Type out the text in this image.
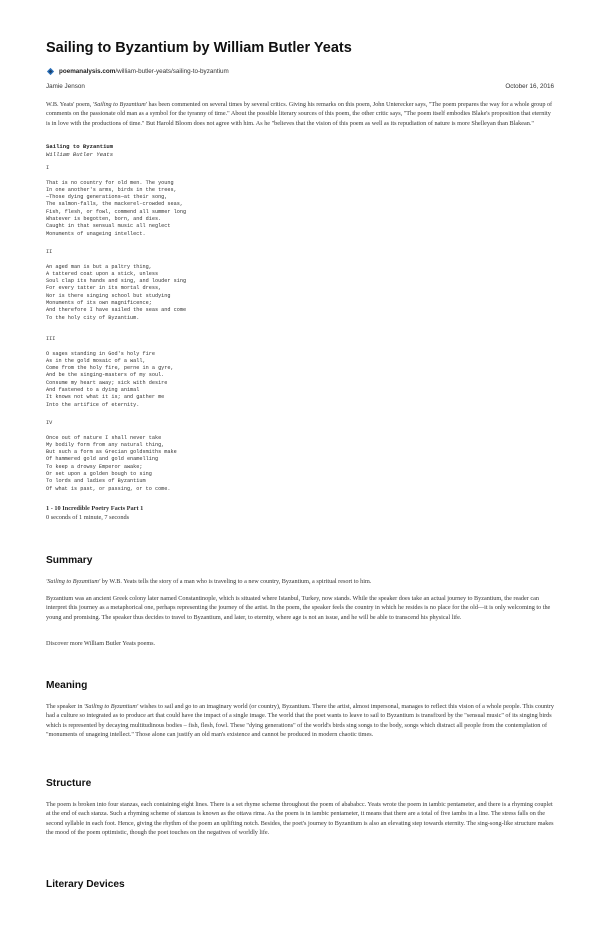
Sailing to Byzantium by William Butler Yeats
poemanalysis.com /william-butler-yeats/sailing-to-byzantium
Jamie Jenson	October 16, 2016

W.B. Yeats' poem, 'Sailing to Byzantium' has been commented on several times by several critics. Giving his remarks on this poem, John Unterecker says, "The poem prepares the way for a whole group of comments on the passionate old man as a symbol for the tyranny of time." About the possible literary sources of this poem, the other critic says, "The poem itself embodies Blake's proposition that eternity is in love with the productions of time." But Harold Bloom does not agree with him. As he "believes that the vision of this poem as well as its repudiation of nature is more Shelleyan than Blakean."

Sailing to Byzantium
William Butler Yeats
I
That is no country for old men. The young
In one another's arms, birds in the trees,
—Those dying generations—at their song,
The salmon-falls, the mackerel-crowded seas,
Fish, flesh, or fowl, commend all summer long
Whatever is begotten, born, and dies.
Caught in that sensual music all neglect
Monuments of unageing intellect.
II
An aged man is but a paltry thing,
A tattered coat upon a stick, unless
Soul clap its hands and sing, and louder sing
For every tatter in its mortal dress,
Nor is there singing school but studying
Monuments of its own magnificence;
And therefore I have sailed the seas and come
To the holy city of Byzantium.
III
O sages standing in God's holy fire
As in the gold mosaic of a wall,
Come from the holy fire, perne in a gyre,
And be the singing-masters of my soul.
Consume my heart away; sick with desire
And fastened to a dying animal
It knows not what it is; and gather me
Into the artifice of eternity.
IV
Once out of nature I shall never take
My bodily form from any natural thing,
But such a form as Grecian goldsmiths make
Of hammered gold and gold enamelling
To keep a drowsy Emperor awake;
Or set upon a golden bough to sing
To lords and ladies of Byzantium
Of what is past, or passing, or to come.
1 - 10 Incredible Poetry Facts Part 1
0 seconds of 1 minute, 7 seconds
Summary

'Sailing to Byzantium' by W.B. Yeats tells the story of a man who is traveling to a new country, Byzantium, a spiritual resort to him.

Byzantium was an ancient Greek colony later named Constantinople, which is situated where Istanbul, Turkey, now stands. While the speaker does take an actual journey to Byzantium, the reader can interpret this journey as a metaphorical one, perhaps representing the journey of the artist. In the poem, the speaker feels the country in which he resides is no place for the old—it is only welcoming to the young and promising. The speaker thus decides to travel to Byzantium, and later, to eternity, where age is not an issue, and he will be able to transcend his physical life.

Discover more William Butler Yeats poems.

Meaning

The speaker in 'Sailing to Byzantium' wishes to sail and go to an imaginary world (or country), Byzantium. There the artist, almost impersonal, manages to reflect this vision of a whole people. This country had a culture so integrated as to produce art that could have the impact of a single image. The world that the poet wants to leave to sail to Byzantium is transfixed by the "sensual music" of its singing birds which is represented by decaying multitudinous bodies – fish, flesh, fowl. These "dying generations" of the world's birds sing songs to the body, songs which distract all people from the contemplation of "monuments of unageing intellect." Those alone can justify an old man's existence and cannot be produced in modern chaotic times.

Structure

The poem is broken into four stanzas, each containing eight lines. There is a set rhyme scheme throughout the poem of abababcc. Yeats wrote the poem in iambic pentameter, and there is a rhyming couplet at the end of each stanza. Such a rhyming scheme of stanzas is known as the ottava rima. As the poem is in iambic pentameter, it means that there are a total of five iambs in a line. The stress falls on the second syllable in each foot. Hence, giving the rhythm of the poem an uplifting notch. Besides, the poet's journey to Byzantium is also an elevating step towards eternity. The sing-song-like structure makes the mood of the poem optimistic, though the poet touches on the negatives of worldly life.

Literary Devices
